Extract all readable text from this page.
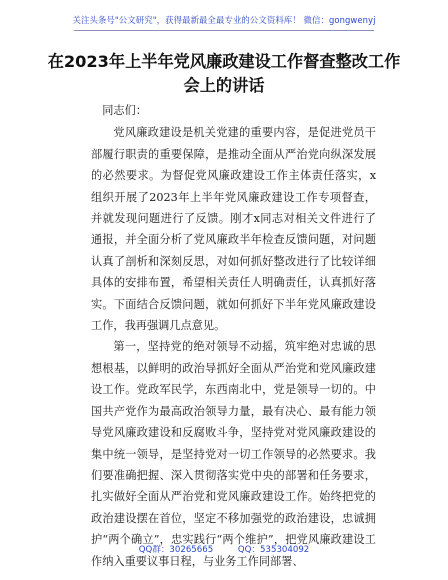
关注头条号"公文研究"，获得最新最全最专业的公文资料库！ 微信：gongwenyj
在2023年上半年党风廉政建设工作督查整改工作会上的讲话

同志们：

党风廉政建设是机关党建的重要内容，是促进党员干部履行职责的重要保障，是推动全面从严治党向纵深发展的必然要求。为督促党风廉政建设工作主体责任落实，x组织开展了2023年上半年党风廉政建设工作专项督查，并就发现问题进行了反馈。刚才x同志对相关文件进行了通报，并全面分析了党风廉政半年检查反馈问题，对问题认真了剖析和深刻反思，对如何抓好整改进行了比较详细具体的安排布置，希望相关责任人明确责任，认真抓好落实。下面结合反馈问题，就如何抓好下半年党风廉政建设工作，我再强调几点意见。

第一，坚持党的绝对领导不动摇，筑牢绝对忠诚的思想根基，以鲜明的政治导抓好全面从严治党和党风廉政建设工作。党政军民学，东西南北中，党是领导一切的。中国共产党作为最高政治领导力量，最有决心、最有能力领导党风廉政建设和反腐败斗争，坚持党对党风廉政建设的集中统一领导，是坚持党对一切工作领导的必然要求。我们要准确把握、深入贯彻落实党中央的部署和任务要求，扎实做好全面从严治党和党风廉政建设工作。始终把党的政治建设摆在首位，坚定不移加强党的政治建设，忠诚拥护“两个确立”，忠实践行“两个维护”，把党风廉政建设工作纳入重要议事日程，与业务工作同部署、

QQ群：30265665	QQ：535304092
